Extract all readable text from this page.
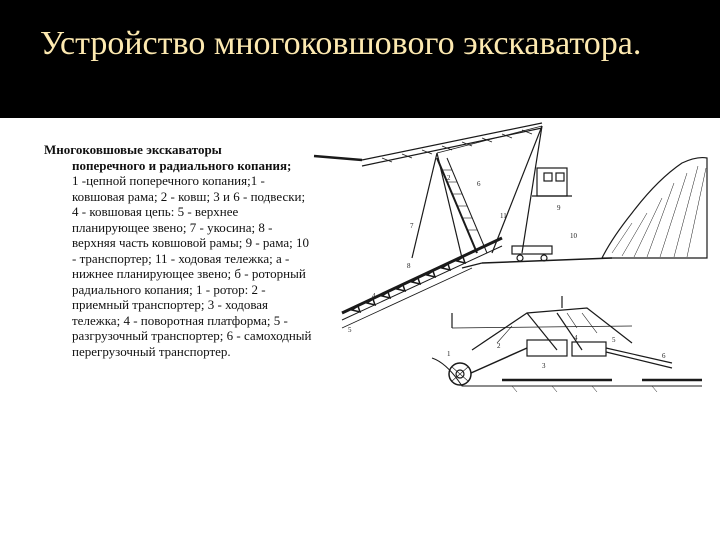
Устройство многоковшового экскаватора.
Многоковшовые экскаваторы
поперечного и радиального копания;
1 -цепной поперечного копания;1 - ковшовая рама; 2 - ковш; 3 и 6 - подвески; 4 - ковшовая цепь: 5 - верхнее планирующее звено; 7 - укосина; 8 - верхняя часть ковшовой рамы; 9 - рама; 10 - транспортер; 11 - ходовая тележка; а - нижнее планирующее звено; б - роторный радиального копания; 1 - ротор: 2 - приемный транспортер; 3 - ходовая тележка; 4 - поворотная платформа; 5 - разгрузочный транспортер; 6 - самоходный перегрузочный транспортер.
2
6
11
7
9
10
8
4
5
1
2
3
4	5
6
